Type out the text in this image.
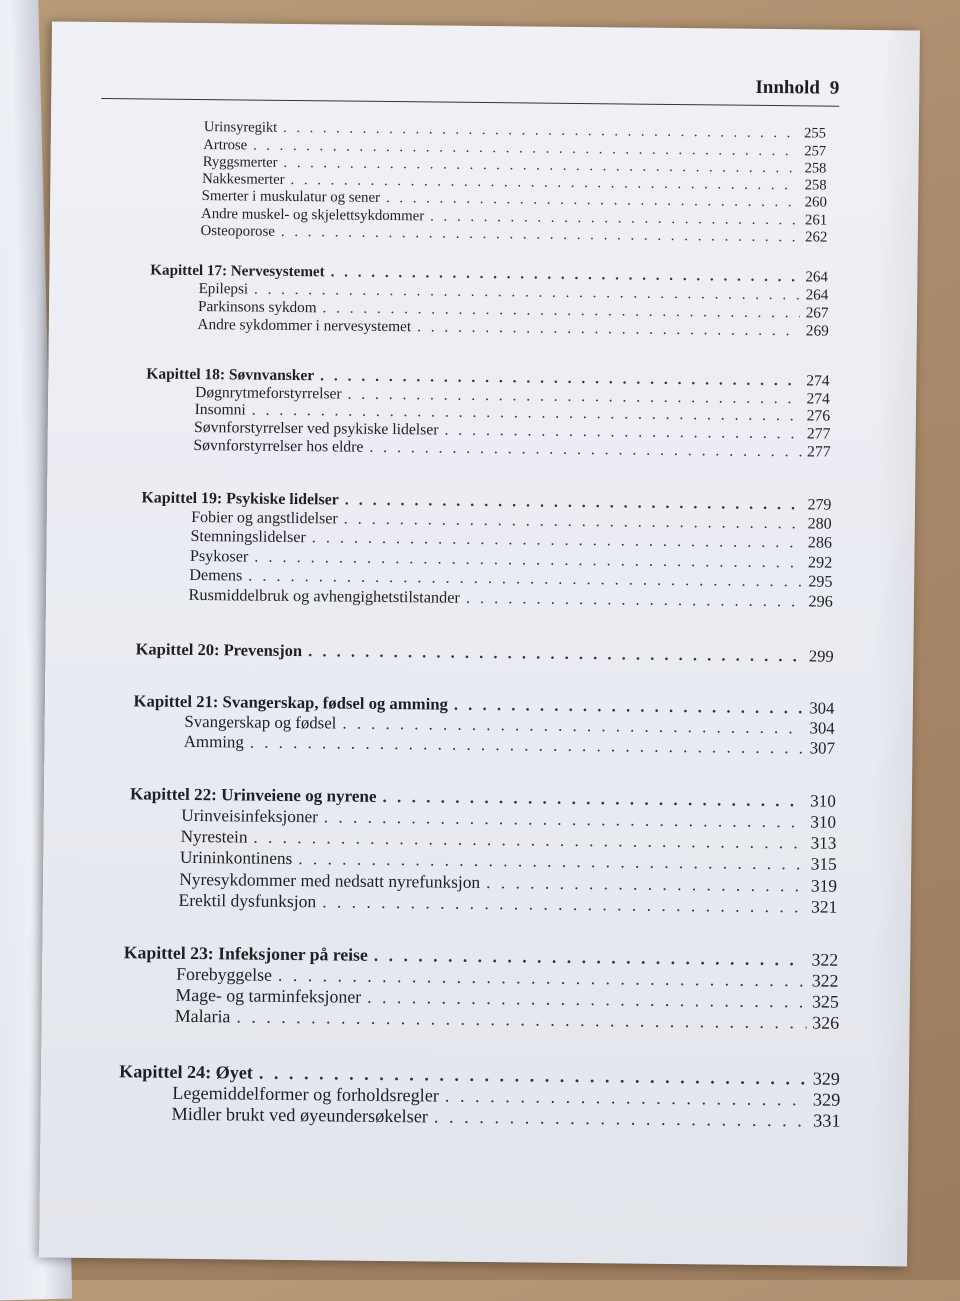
Innhold 9
Urinsyregikt . . .	255
Artrose . . .	257
Ryggsmerter . . .	258
Nakkesmerter . . .	258
Smerter i muskulatur og sener . . .	260
Andre muskel- og skjelettsykdommer . . .	261
Osteoporose . . .	262
Kapittel 17: Nervesystemet . . .	264
Epilepsi . . .	264
Parkinsons sykdom . . .	267
Andre sykdommer i nervesystemet . . .	269
Kapittel 18: Søvnvansker . . .	274
Døgnrytmeforstyrrelser . . .	274
Insomni . . .	276
Søvnforstyrrelser ved psykiske lidelser . . .	277
Søvnforstyrrelser hos eldre . . .	277
Kapittel 19: Psykiske lidelser . . .	279
Fobier og angstlidelser . . .	280
Stemningslidelser . . .	286
Psykoser . . .	292
Demens . . .	295
Rusmiddelbruk og avhengighetstilstander . . .	296
Kapittel 20: Prevensjon . . .	299
Kapittel 21: Svangerskap, fødsel og amming . . .	304
Svangerskap og fødsel . . .	304
Amming . . .	307
Kapittel 22: Urinveiene og nyrene . . .	310
Urinveisinfeksjoner . . .	310
Nyrestein . . .	313
Urininkontinens . . .	315
Nyresykdommer med nedsatt nyrefunksjon . . .	319
Erektil dysfunksjon . . .	321
Kapittel 23: Infeksjoner på reise . . .	322
Forebyggelse . . .	322
Mage- og tarminfeksjoner . . .	325
Malaria . . .	326
Kapittel 24: Øyet . . .	329
Legemiddelformer og forholdsregler . . .	329
Midler brukt ved øyeundersøkelser . . .	331
